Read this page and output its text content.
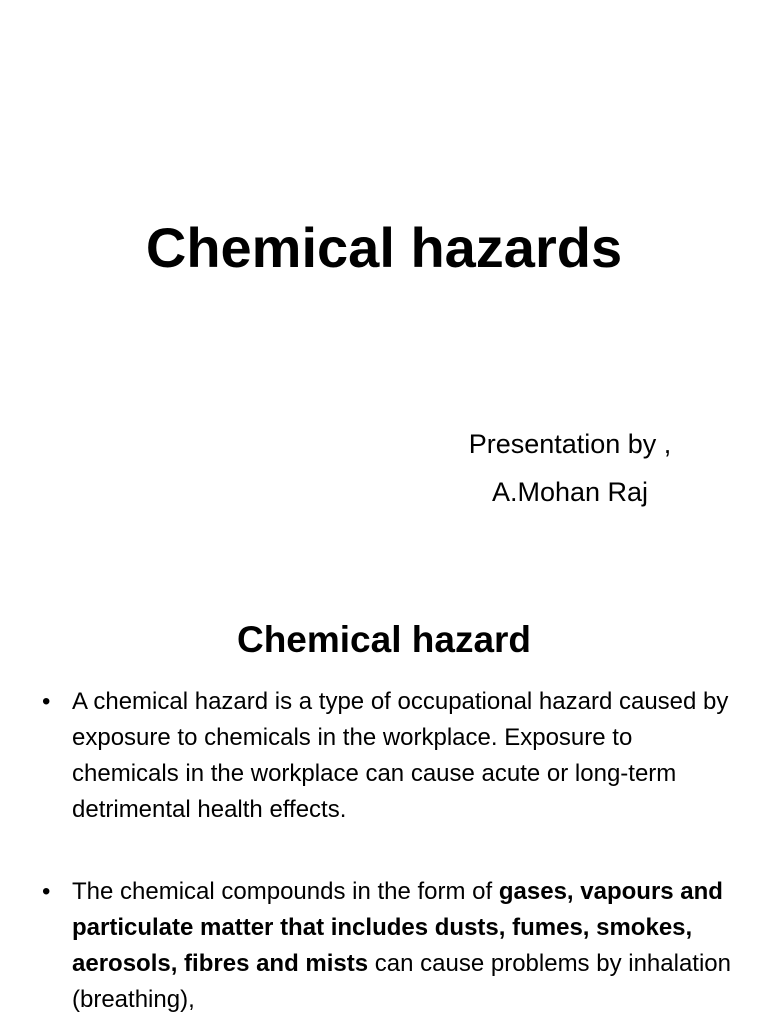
Chemical hazards
Presentation by ,
A.Mohan Raj
Chemical hazard
• A chemical hazard is a type of occupational hazard caused by exposure to chemicals in the workplace. Exposure to chemicals in the workplace can cause acute or long-term detrimental health effects.
• The chemical compounds in the form of gases, vapours and particulate matter that includes dusts, fumes, smokes, aerosols, fibres and mists can cause problems by inhalation (breathing),
